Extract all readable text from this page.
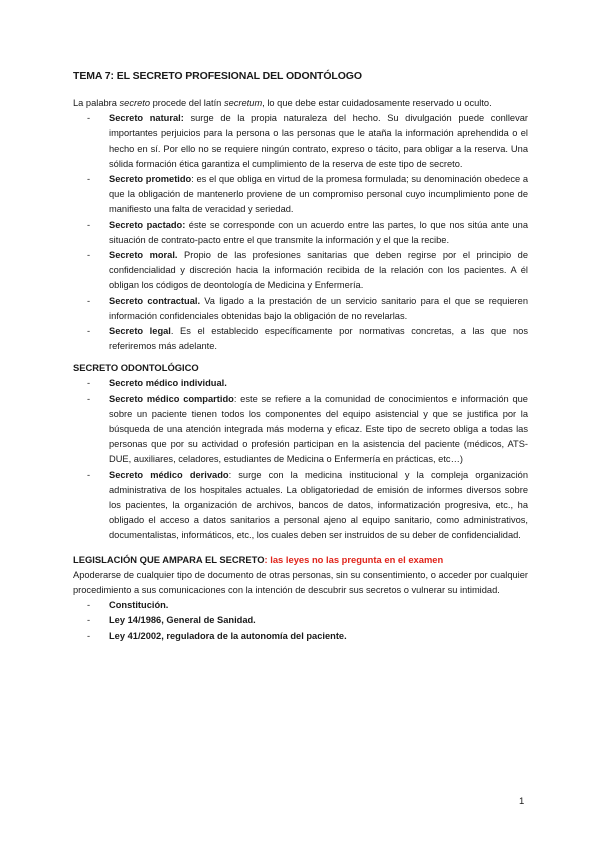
TEMA 7: EL SECRETO PROFESIONAL DEL ODONTÓLOGO

La palabra secreto procede del latín secretum, lo que debe estar cuidadosamente reservado u oculto.

- Secreto natural: surge de la propia naturaleza del hecho. Su divulgación puede conllevar importantes perjuicios para la persona o las personas que le ataña la información aprehendida o el hecho en sí. Por ello no se requiere ningún contrato, expreso o tácito, para obligar a la reserva. Una sólida formación ética garantiza el cumplimiento de la reserva de este tipo de secreto.
- Secreto prometido: es el que obliga en virtud de la promesa formulada; su denominación obedece a que la obligación de mantenerlo proviene de un compromiso personal cuyo incumplimiento pone de manifiesto una falta de veracidad y seriedad.
- Secreto pactado: éste se corresponde con un acuerdo entre las partes, lo que nos sitúa ante una situación de contrato-pacto entre el que transmite la información y el que la recibe.
- Secreto moral. Propio de las profesiones sanitarias que deben regirse por el principio de confidencialidad y discreción hacia la información recibida de la relación con los pacientes. A él obligan los códigos de deontología de Medicina y Enfermería.
- Secreto contractual. Va ligado a la prestación de un servicio sanitario para el que se requieren información confidenciales obtenidas bajo la obligación de no revelarlas.
- Secreto legal. Es el establecido específicamente por normativas concretas, a las que nos referiremos más adelante.
SECRETO ODONTOLÓGICO
- Secreto médico individual.
- Secreto médico compartido: este se refiere a la comunidad de conocimientos e información que sobre un paciente tienen todos los componentes del equipo asistencial y que se justifica por la búsqueda de una atención integrada más moderna y eficaz. Este tipo de secreto obliga a todas las personas que por su actividad o profesión participan en la asistencia del paciente (médicos, ATS-DUE, auxiliares, celadores, estudiantes de Medicina o Enfermería en prácticas, etc…)
- Secreto médico derivado: surge con la medicina institucional y la compleja organización administrativa de los hospitales actuales. La obligatoriedad de emisión de informes diversos sobre los pacientes, la organización de archivos, bancos de datos, informatización progresiva, etc., ha obligado el acceso a datos sanitarios a personal ajeno al equipo sanitario, como administrativos, documentalistas, informáticos, etc., los cuales deben ser instruidos de su deber de confidencialidad.
LEGISLACIÓN QUE AMPARA EL SECRETO: las leyes no las pregunta en el examen

Apoderarse de cualquier tipo de documento de otras personas, sin su consentimiento, o acceder por cualquier procedimiento a sus comunicaciones con la intención de descubrir sus secretos o vulnerar su intimidad.

- Constitución.
- Ley 14/1986, General de Sanidad.
- Ley 41/2002, reguladora de la autonomía del paciente.
1
